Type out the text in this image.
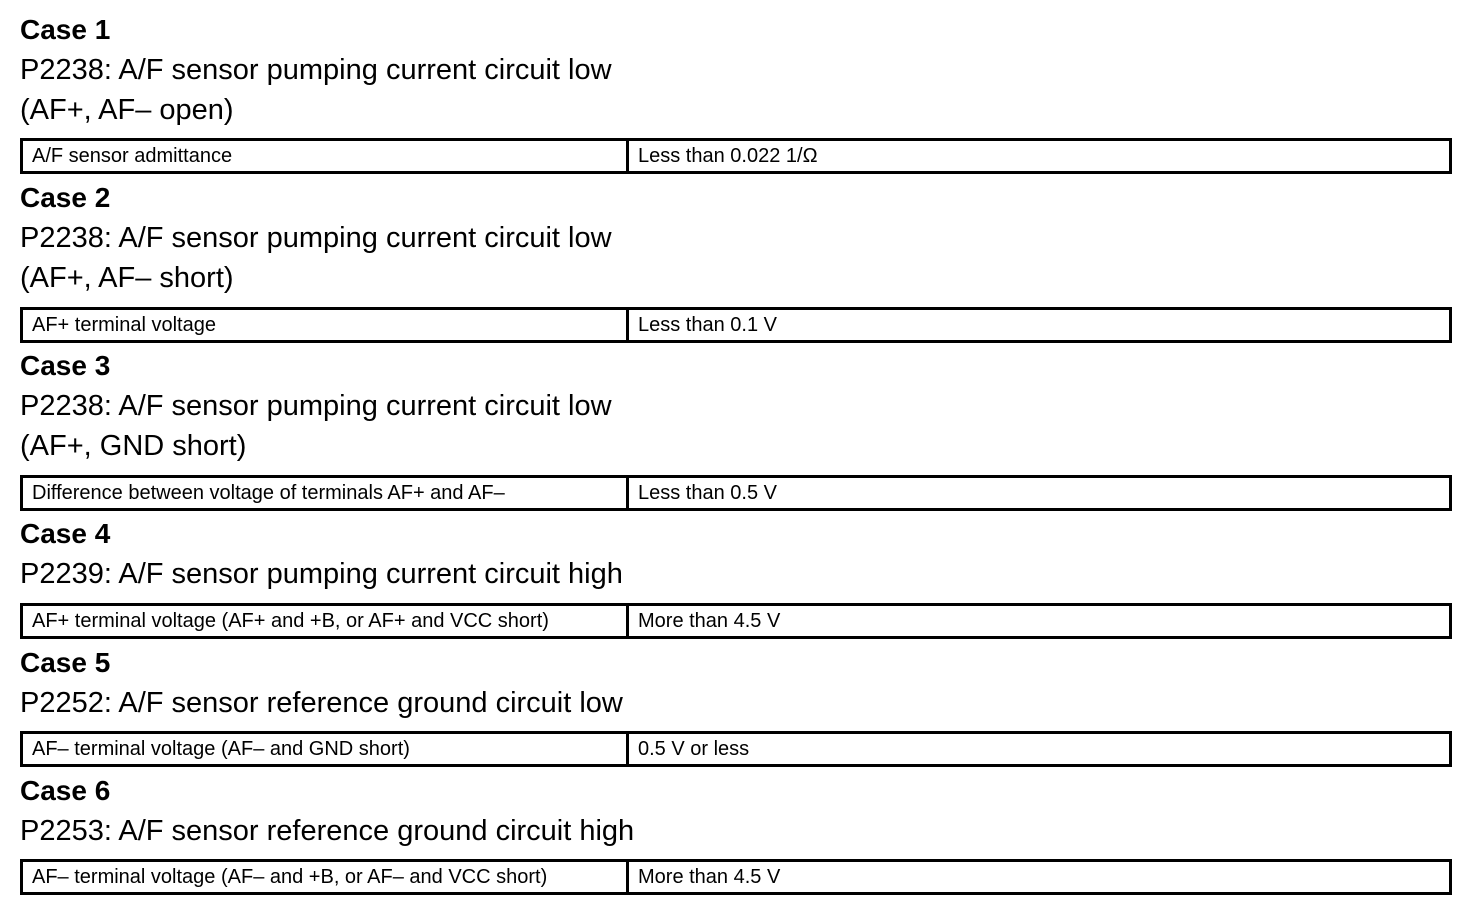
Case 1
P2238: A/F sensor pumping current circuit low
(AF+, AF– open)
A/F sensor admittance	Less than 0.022 1/Ω
Case 2
P2238: A/F sensor pumping current circuit low
(AF+, AF– short)
AF+ terminal voltage	Less than 0.1 V
Case 3
P2238: A/F sensor pumping current circuit low
(AF+, GND short)
Difference between voltage of terminals AF+ and AF–	Less than 0.5 V
Case 4
P2239: A/F sensor pumping current circuit high
AF+ terminal voltage (AF+ and +B, or AF+ and VCC short)	More than 4.5 V
Case 5
P2252: A/F sensor reference ground circuit low
AF– terminal voltage (AF– and GND short)	0.5 V or less
Case 6
P2253: A/F sensor reference ground circuit high
AF– terminal voltage (AF– and +B, or AF– and VCC short)	More than 4.5 V
